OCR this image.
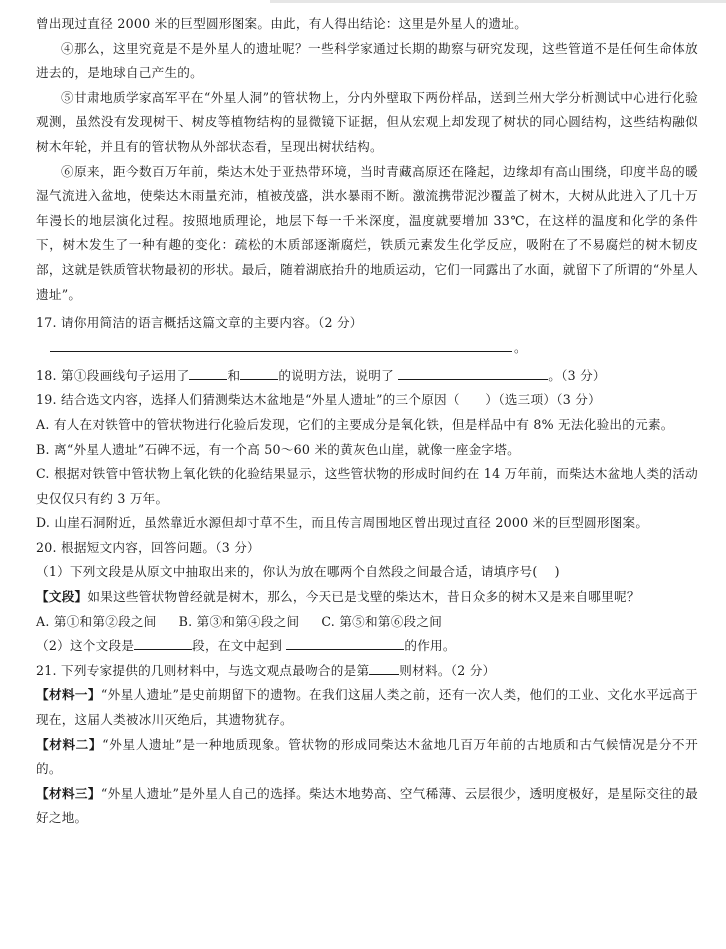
曾出现过直径 2000 米的巨型圆形图案。由此，有人得出结论：这里是外星人的遗址。

④那么，这里究竟是不是外星人的遗址呢？一些科学家通过长期的勘察与研究发现，这些管道不是任何生命体放进去的，是地球自己产生的。

⑤甘肃地质学家高军平在“外星人洞”的管状物上，分内外壁取下两份样品，送到兰州大学分析测试中心进行化验观测，虽然没有发现树干、树皮等植物结构的显微镜下证据，但从宏观上却发现了树状的同心圆结构，这些结构融似树木年轮，并且有的管状物从外部状态看，呈现出树状结构。

⑥原来，距今数百万年前，柴达木处于亚热带环境，当时青藏高原还在隆起，边缘却有高山围绕，印度半岛的暖湿气流进入盆地，使柴达木雨量充沛，植被茂盛，洪水暴雨不断。激流携带泥沙覆盖了树木，大树从此进入了几十万年漫长的地层演化过程。按照地质理论，地层下每一千米深度，温度就要增加 33℃，在这样的温度和化学的条件下，树木发生了一种有趣的变化：疏松的木质部逐渐腐烂，铁质元素发生化学反应，吸附在了不易腐烂的树木韧皮部，这就是铁质管状物最初的形状。最后，随着湖底抬升的地质运动，它们一同露出了水面，就留下了所谓的“外星人遗址”。

17. 请你用简洁的语言概括这篇文章的主要内容。（2 分）

。

18. 第①段画线句子运用了	和	的说明方法，说明了	。（3 分）

19. 结合选文内容，选择人们猜测柴达木盆地是“外星人遗址”的三个原因（　　）（选三项）（3 分）

A. 有人在对铁管中的管状物进行化验后发现，它们的主要成分是氧化铁，但是样品中有 8% 无法化验出的元素。

B. 离“外星人遗址”石碑不远，有一个高 50～60 米的黄灰色山崖，就像一座金字塔。

C. 根据对铁管中管状物上氧化铁的化验结果显示，这些管状物的形成时间约在 14 万年前，而柴达木盆地人类的活动史仅仅只有约 3 万年。

D. 山崖石洞附近，虽然靠近水源但却寸草不生，而且传言周围地区曾出现过直径 2000 米的巨型圆形图案。

20. 根据短文内容，回答问题。（3 分）

（1）下列文段是从原文中抽取出来的，你认为放在哪两个自然段之间最合适，请填序号(　 )

【文段】如果这些管状物曾经就是树木，那么，今天已是戈壁的柴达木，昔日众多的树木又是来自哪里呢？

A. 第①和第②段之间 B. 第③和第④段之间 C. 第⑤和第⑥段之间

（2）这个文段是	段，在文中起到	的作用。

21. 下列专家提供的几则材料中，与选文观点最吻合的是第 则材料。（2 分）

【材料一】“外星人遗址”是史前期留下的遗物。在我们这届人类之前，还有一次人类，他们的工业、文化水平远高于现在，这届人类被冰川灭绝后，其遗物犹存。

【材料二】“外星人遗址”是一种地质现象。管状物的形成同柴达木盆地几百万年前的古地质和古气候情况是分不开的。

【材料三】“外星人遗址”是外星人自己的选择。柴达木地势高、空气稀薄、云层很少，透明度极好，是星际交往的最好之地。
